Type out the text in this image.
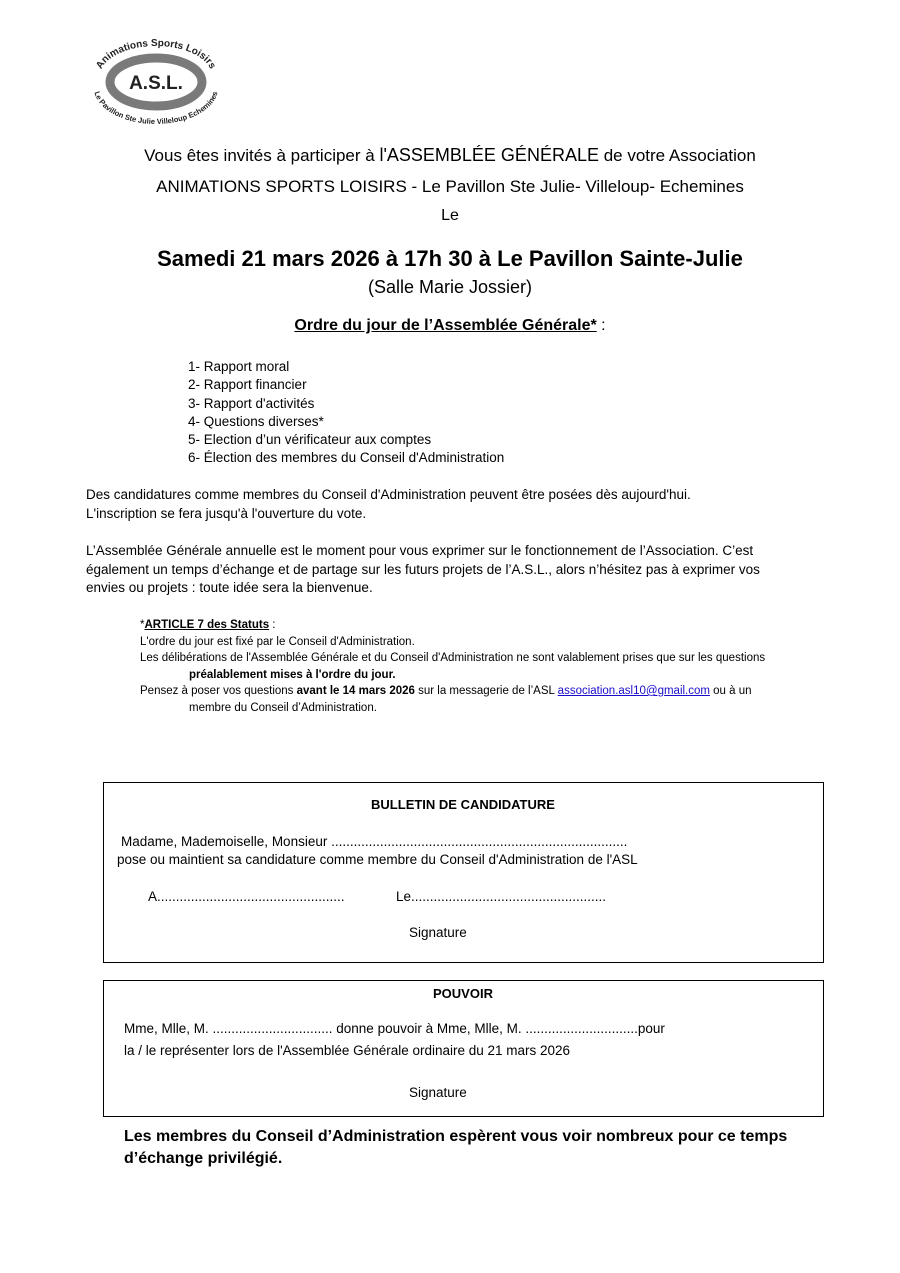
Animations Sports Loisirs
A.S.L.
Le Pavillon Ste Julie Villeloup Echemines
Vous êtes invités à participer à l'ASSEMBLÉE GÉNÉRALE de votre Association
ANIMATIONS SPORTS LOISIRS - Le Pavillon Ste Julie- Villeloup- Echemines
Le
Samedi 21 mars 2026 à 17h 30 à Le Pavillon Sainte-Julie
(Salle Marie Jossier)
Ordre du jour de l’Assemblée Générale* :
1- Rapport moral
2- Rapport financier
3- Rapport d'activités
4- Questions diverses*
5- Election d’un vérificateur aux comptes
6- Élection des membres du Conseil d'Administration
Des candidatures comme membres du Conseil d'Administration peuvent être posées dès aujourd'hui.
L'inscription se fera jusqu'à l'ouverture du vote.
L’Assemblée Générale annuelle est le moment pour vous exprimer sur le fonctionnement de l’Association. C’est également un temps d’échange et de partage sur les futurs projets de l’A.S.L., alors n’hésitez pas à exprimer vos envies ou projets : toute idée sera la bienvenue.
*ARTICLE 7 des Statuts :
L'ordre du jour est fixé par le Conseil d'Administration.
Les délibérations de l'Assemblée Générale et du Conseil d'Administration ne sont valablement prises que sur les questions
préalablement mises à l'ordre du jour.
Pensez à poser vos questions avant le 14 mars 2026 sur la messagerie de l’ASL association.asl10@gmail.com ou à un
membre du Conseil d’Administration.
BULLETIN DE CANDIDATURE
Madame, Mademoiselle, Monsieur ...............................................................................
pose ou maintient sa candidature comme membre du Conseil d'Administration de l'ASL
A..................................................	Le....................................................
Signature
POUVOIR
Mme, Mlle, M. ................................ donne pouvoir à Mme, Mlle, M. ..............................pour
la / le représenter lors de l'Assemblée Générale ordinaire du 21 mars 2026
Signature
Les membres du Conseil d’Administration espèrent vous voir nombreux pour ce temps
d’échange privilégié.
